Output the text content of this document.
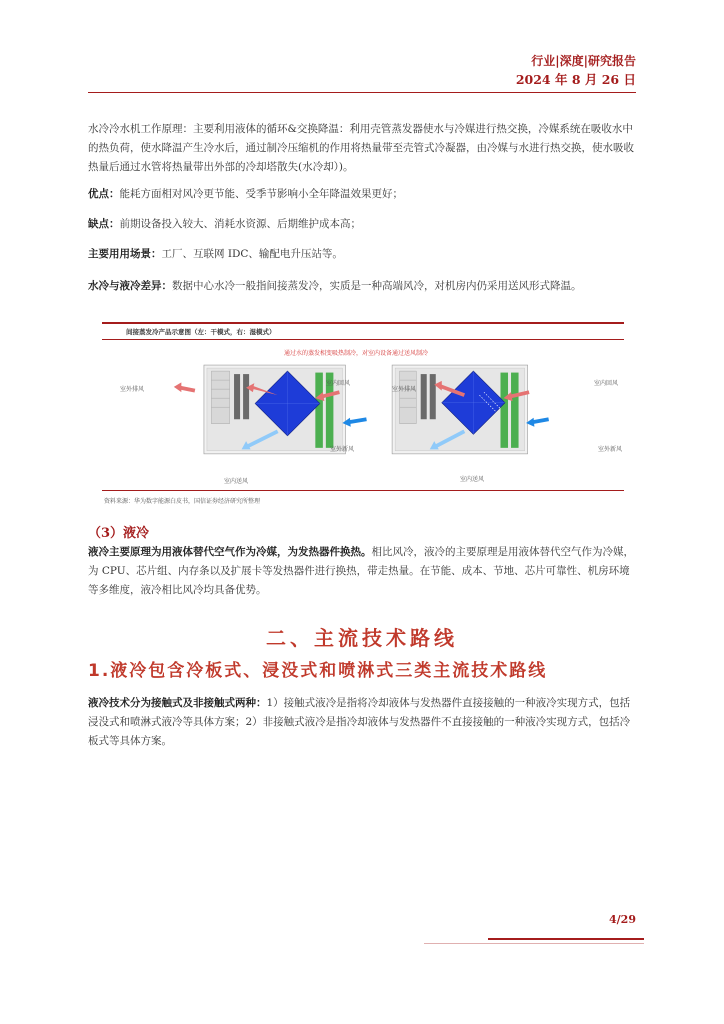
行业|深度|研究报告
2024 年 8 月 26 日
水冷冷水机工作原理：主要利用液体的循环&交换降温：利用壳管蒸发器使水与冷媒进行热交换，冷媒系统在吸收水中的热负荷，使水降温产生冷水后，通过制冷压缩机的作用将热量带至壳管式冷凝器，由冷媒与水进行热交换，使水吸收热量后通过水管将热量带出外部的冷却塔散失(水冷却）)。
优点：能耗方面相对风冷更节能、受季节影响小全年降温效果更好；
缺点：前期设备投入较大、消耗水资源、后期维护成本高；
主要用用场景：工厂、互联网 IDC、输配电升压站等。
水冷与液冷差异：数据中心水冷一般指间接蒸发冷，实质是一种高端风冷，对机房内仍采用送风形式降温。
间接蒸发冷产品示意图（左：干模式，右：湿模式）
通过水的蒸发相变吸热制冷，对室内设备通过送风制冷
室外排风
室内回风
室外新风
室内送风
室外排风
室内回风
室外新风
室内送风
资料来源：华为数字能源白皮书，国信证券经济研究所整理
（3）液冷
液冷主要原理为用液体替代空气作为冷媒，为发热器件换热。相比风冷，液冷的主要原理是用液体替代空气作为冷媒，为 CPU、芯片组、内存条以及扩展卡等发热器件进行换热，带走热量。在节能、成本、节地、芯片可靠性、机房环境等多维度，液冷相比风冷均具备优势。
二、主流技术路线
1.液冷包含冷板式、浸没式和喷淋式三类主流技术路线
液冷技术分为接触式及非接触式两种：1）接触式液冷是指将冷却液体与发热器件直接接触的一种液冷实现方式，包括浸没式和喷淋式液冷等具体方案；2）非接触式液冷是指冷却液体与发热器件不直接接触的一种液冷实现方式，包括冷板式等具体方案。
4/29
